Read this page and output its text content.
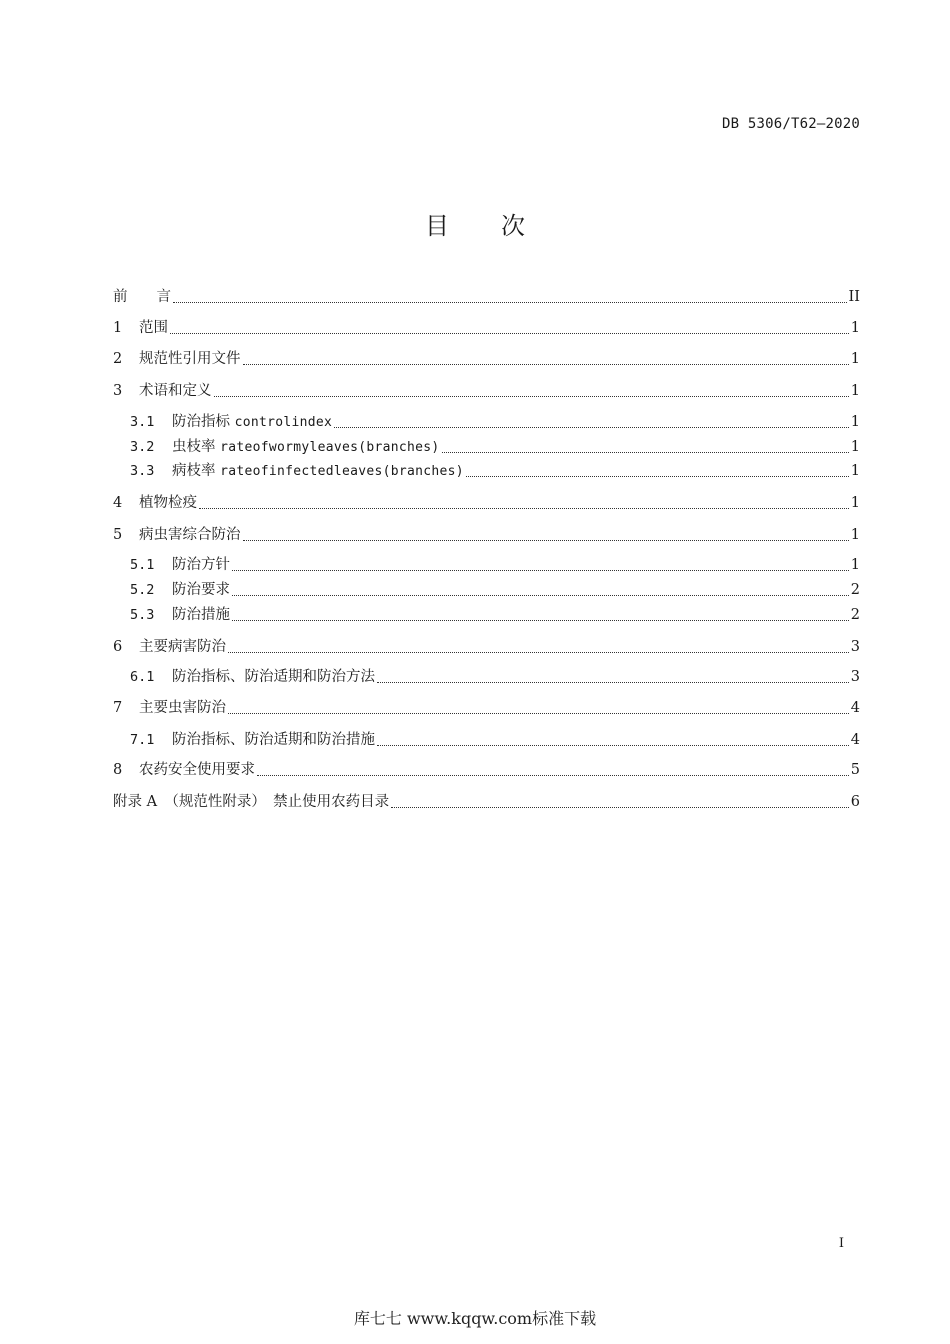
DB 5306/T62—2020
目 次
前　　言	II
1	范围	1
2	规范性引用文件	1
3	术语和定义	1
3.1	防治指标 controlindex	1
3.2	虫枝率 rateofwormyleaves(branches)	1
3.3	病枝率 rateofinfectedleaves(branches)	1
4	植物检疫	1
5	病虫害综合防治	1
5.1	防治方针	1
5.2	防治要求	2
5.3	防治措施	2
6	主要病害防治	3
6.1	防治指标、防治适期和防治方法	3
7	主要虫害防治	4
7.1	防治指标、防治适期和防治措施	4
8	农药安全使用要求	5
附录 A　（规范性附录）　禁止使用农药目录	6
I
库七七 www.kqqw.com标准下载
